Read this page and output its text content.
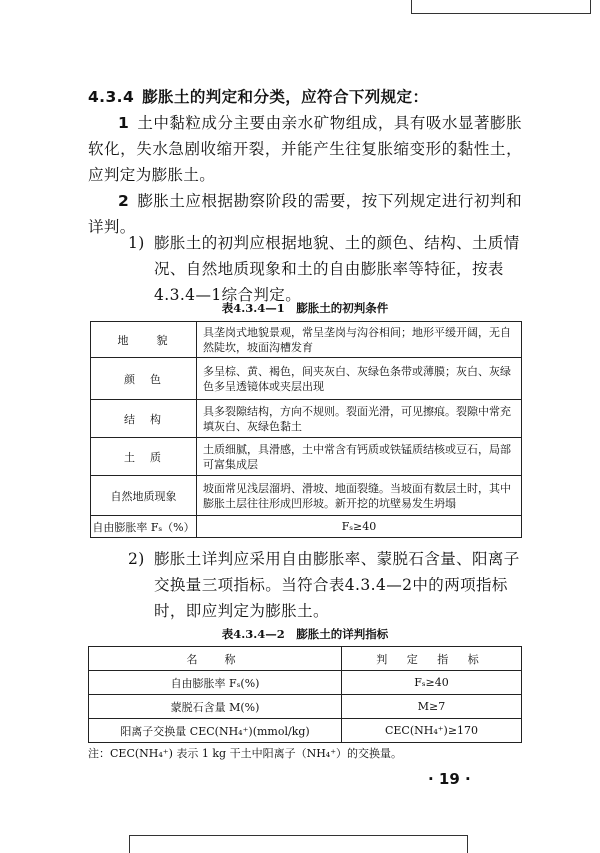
4.3.4 膨胀土的判定和分类，应符合下列规定：

1 土中黏粒成分主要由亲水矿物组成，具有吸水显著膨胀软化，失水急剧收缩开裂，并能产生往复胀缩变形的黏性土，应判定为膨胀土。

2 膨胀土应根据勘察阶段的需要，按下列规定进行初判和详判。

1) 膨胀土的初判应根据地貌、土的颜色、结构、土质情况、自然地质现象和土的自由膨胀率等特征，按表4.3.4—1综合判定。

表4.3.4—1　膨胀土的初判条件
地　　貌	具垄岗式地貌景观，常呈垄岗与沟谷相间；地形平缓开阔，无自然陡坎，坡面沟槽发育
颜　色	多呈棕、黄、褐色，间夹灰白、灰绿色条带或薄膜；灰白、灰绿色多呈透镜体或夹层出现
结　构	具多裂隙结构，方向不规则。裂面光滑，可见擦痕。裂隙中常充填灰白、灰绿色黏土
土　质	土质细腻，具滑感，土中常含有钙质或铁锰质结核或豆石，局部可富集成层
自然地质现象	坡面常见浅层溜坍、滑坡、地面裂缝。当坡面有数层土时，其中膨胀土层往往形成凹形坡。新开挖的坑壁易发生坍塌
自由膨胀率 Fₛ（%）	Fₛ≥40

2) 膨胀土详判应采用自由膨胀率、蒙脱石含量、阳离子交换量三项指标。当符合表4.3.4—2中的两项指标时，即应判定为膨胀土。

表4.3.4—2　膨胀土的详判指标
名　称	判 定 指 标
自由膨胀率 Fₛ(%)	Fₛ≥40
蒙脱石含量 M(%)	M≥7
阳离子交换量 CEC(NH₄⁺)(mmol/kg)	CEC(NH₄⁺)≥170
注：CEC(NH₄⁺) 表示 1 kg 干土中阳离子（NH₄⁺）的交换量。
· 19 ·
